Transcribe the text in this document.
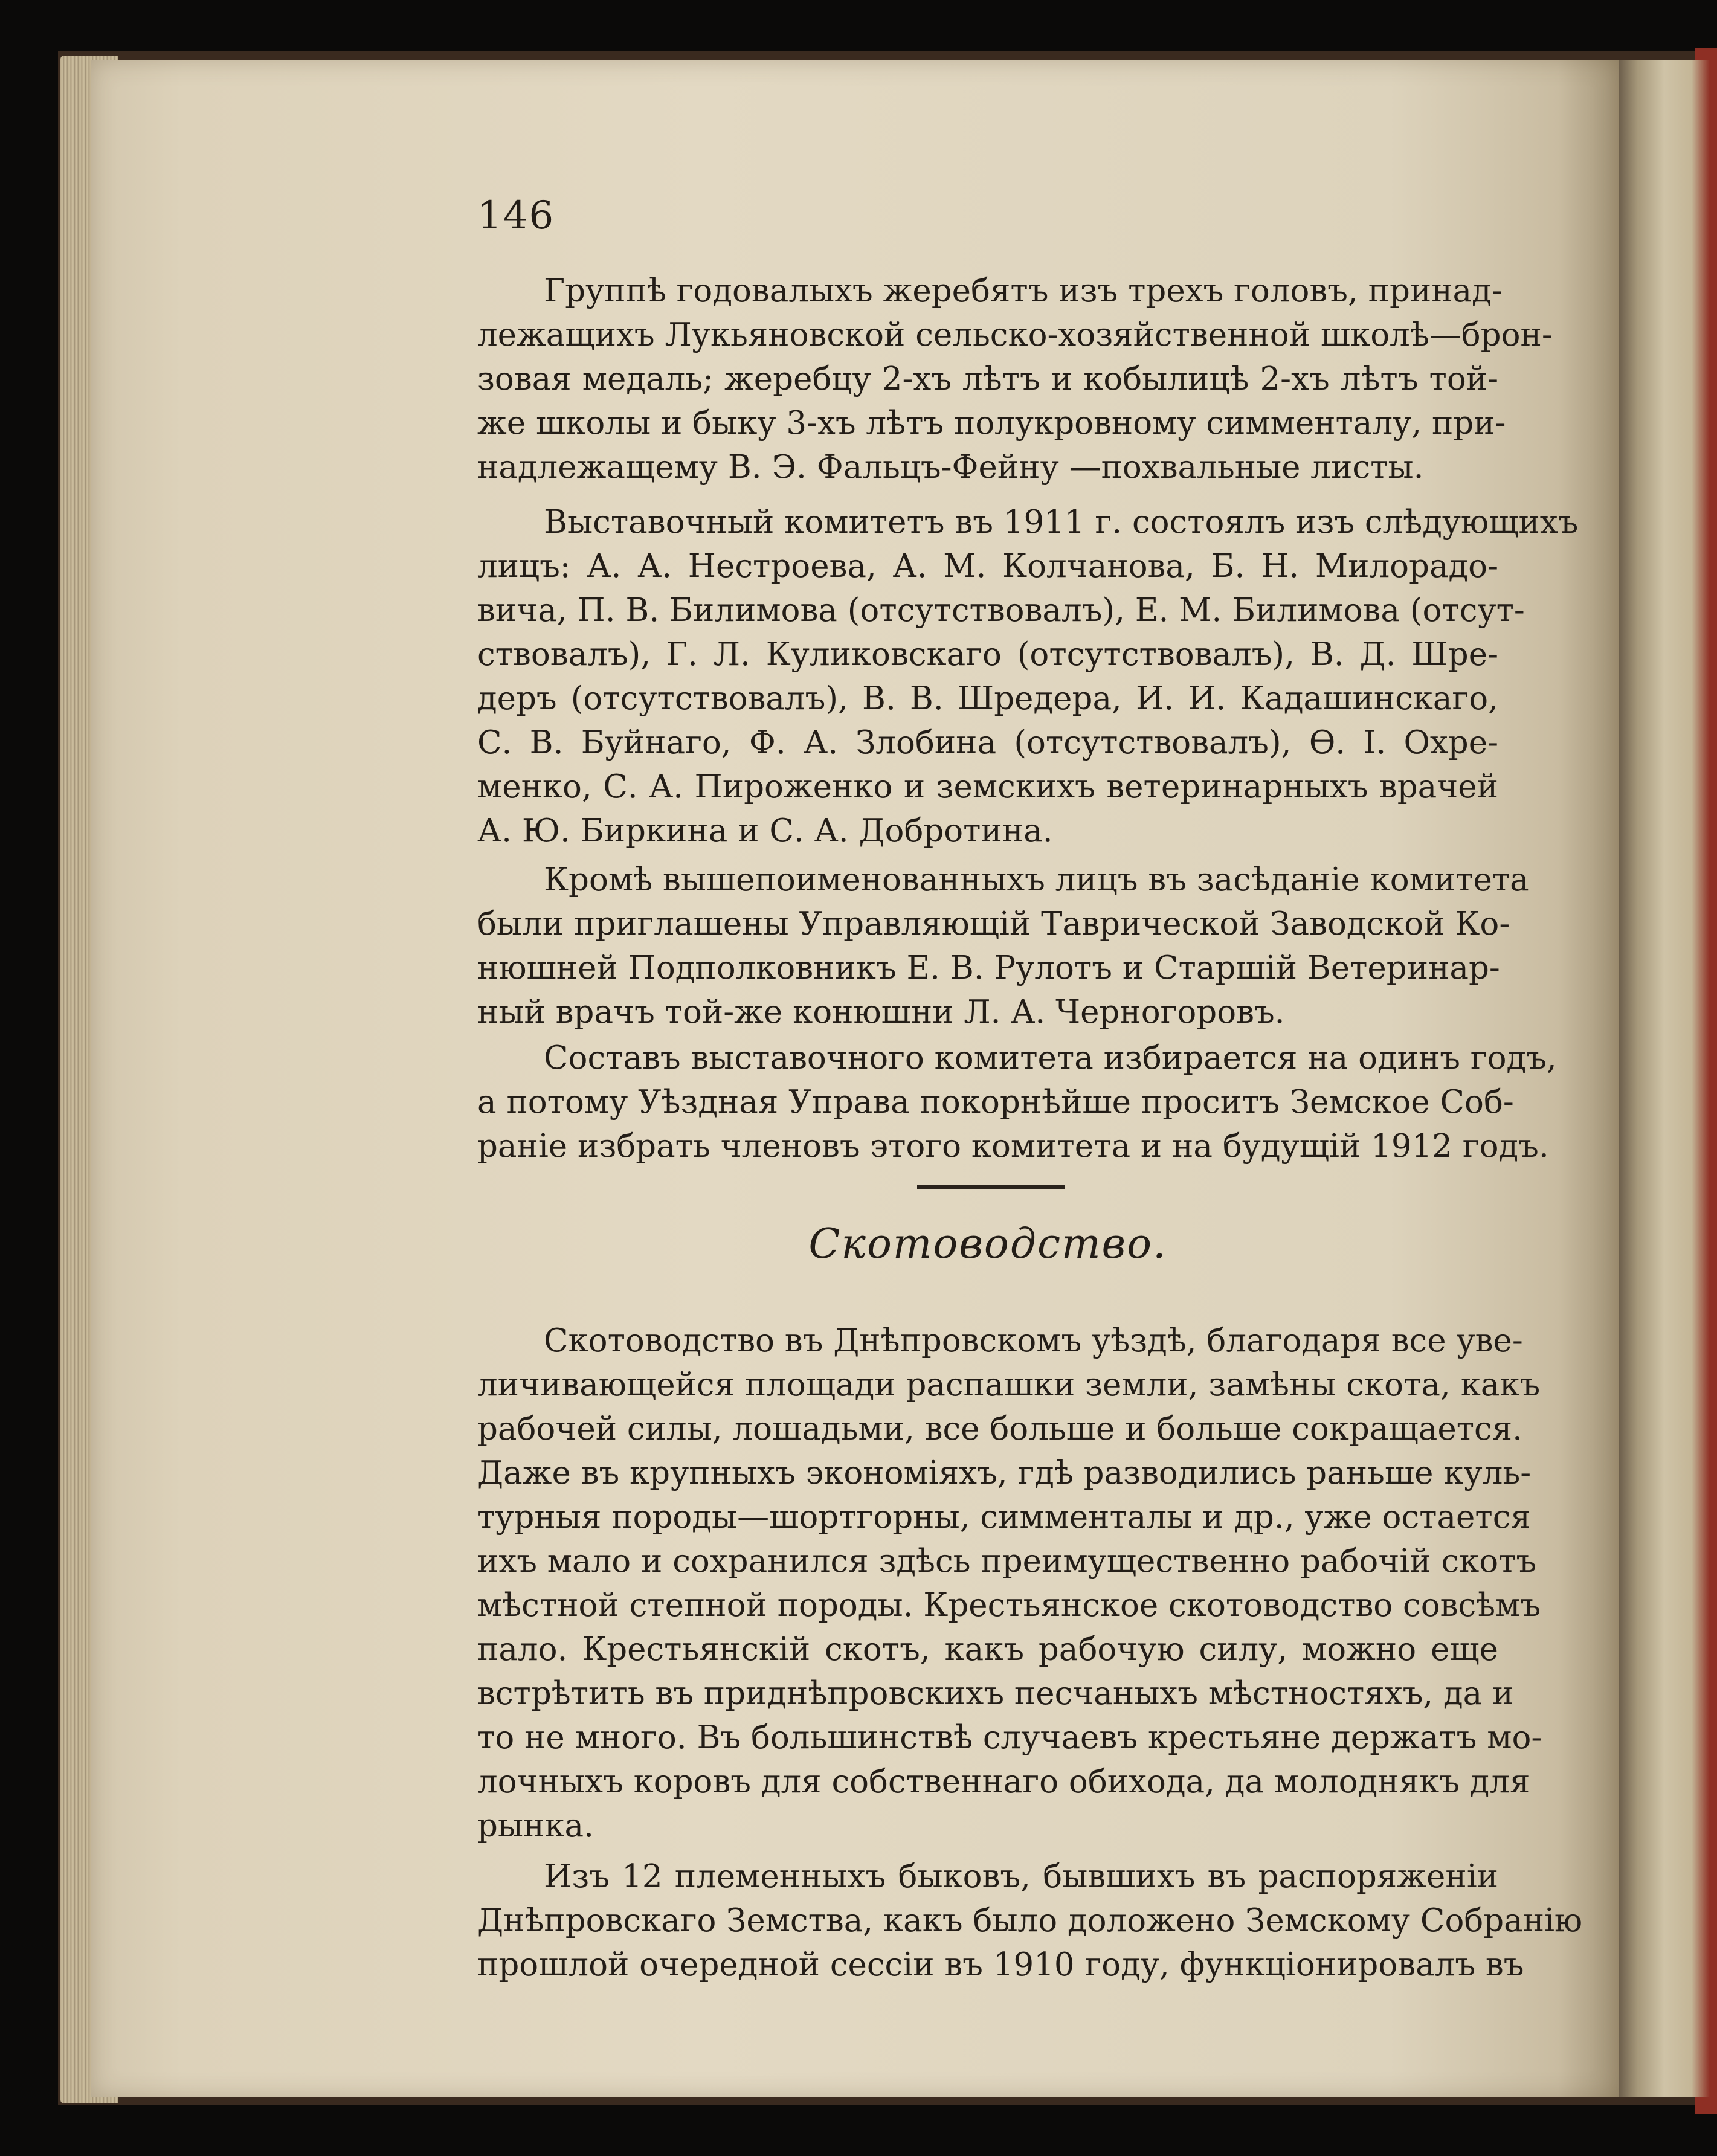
146
Группѣ годовалыхъ жеребятъ изъ трехъ головъ, принад-
лежащихъ Лукьяновской сельско-хозяйственной школѣ—брон-
зовая медаль; жеребцу 2-хъ лѣтъ и кобылицѣ 2-хъ лѣтъ той-
же школы и быку 3-хъ лѣтъ полукровному симменталу, при-
надлежащему В. Э. Фальцъ-Фейну —похвальные листы.
Выставочный комитетъ въ 1911 г. состоялъ изъ слѣдующихъ
лицъ: А. А. Нестроева, А. М. Колчанова, Б. Н. Милорадо-
вича, П. В. Билимова (отсутствовалъ), Е. М. Билимова (отсут-
ствовалъ), Г. Л. Куликовскаго (отсутствовалъ), В. Д. Шре-
деръ (отсутствовалъ), В. В. Шредера, И. И. Кадашинскаго,
С. В. Буйнаго, Ф. А. Злобина (отсутствовалъ), Ѳ. І. Охре-
менко, С. А. Пироженко и земскихъ ветеринарныхъ врачей
А. Ю. Биркина и С. А. Добротина.
Кромѣ вышепоименованныхъ лицъ въ засѣданіе комитета
были приглашены Управляющій Таврической Заводской Ко-
нюшней Подполковникъ Е. В. Рулотъ и Старшій Ветеринар-
ный врачъ той-же конюшни Л. А. Черногоровъ.
Составъ выставочного комитета избирается на одинъ годъ,
а потому Уѣздная Управа покорнѣйше проситъ Земское Соб-
раніе избрать членовъ этого комитета и на будущій 1912 годъ.
Скотоводство.
Скотоводство въ Днѣпровскомъ уѣздѣ, благодаря все уве-
личивающейся площади распашки земли, замѣны скота, какъ
рабочей силы, лошадьми, все больше и больше сокращается.
Даже въ крупныхъ экономіяхъ, гдѣ разводились раньше куль-
турныя породы—шортгорны, симменталы и др., уже остается
ихъ мало и сохранился здѣсь преимущественно рабочій скотъ
мѣстной степной породы. Крестьянское скотоводство совсѣмъ
пало. Крестьянскій скотъ, какъ рабочую силу, можно еще
встрѣтить въ приднѣпровскихъ песчаныхъ мѣстностяхъ, да и
то не много. Въ большинствѣ случаевъ крестьяне держатъ мо-
лочныхъ коровъ для собственнаго обихода, да молоднякъ для
рынка.
Изъ 12 племенныхъ быковъ, бывшихъ въ распоряженіи
Днѣпровскаго Земства, какъ было доложено Земскому Собранію
прошлой очередной сессіи въ 1910 году, функціонировалъ въ
